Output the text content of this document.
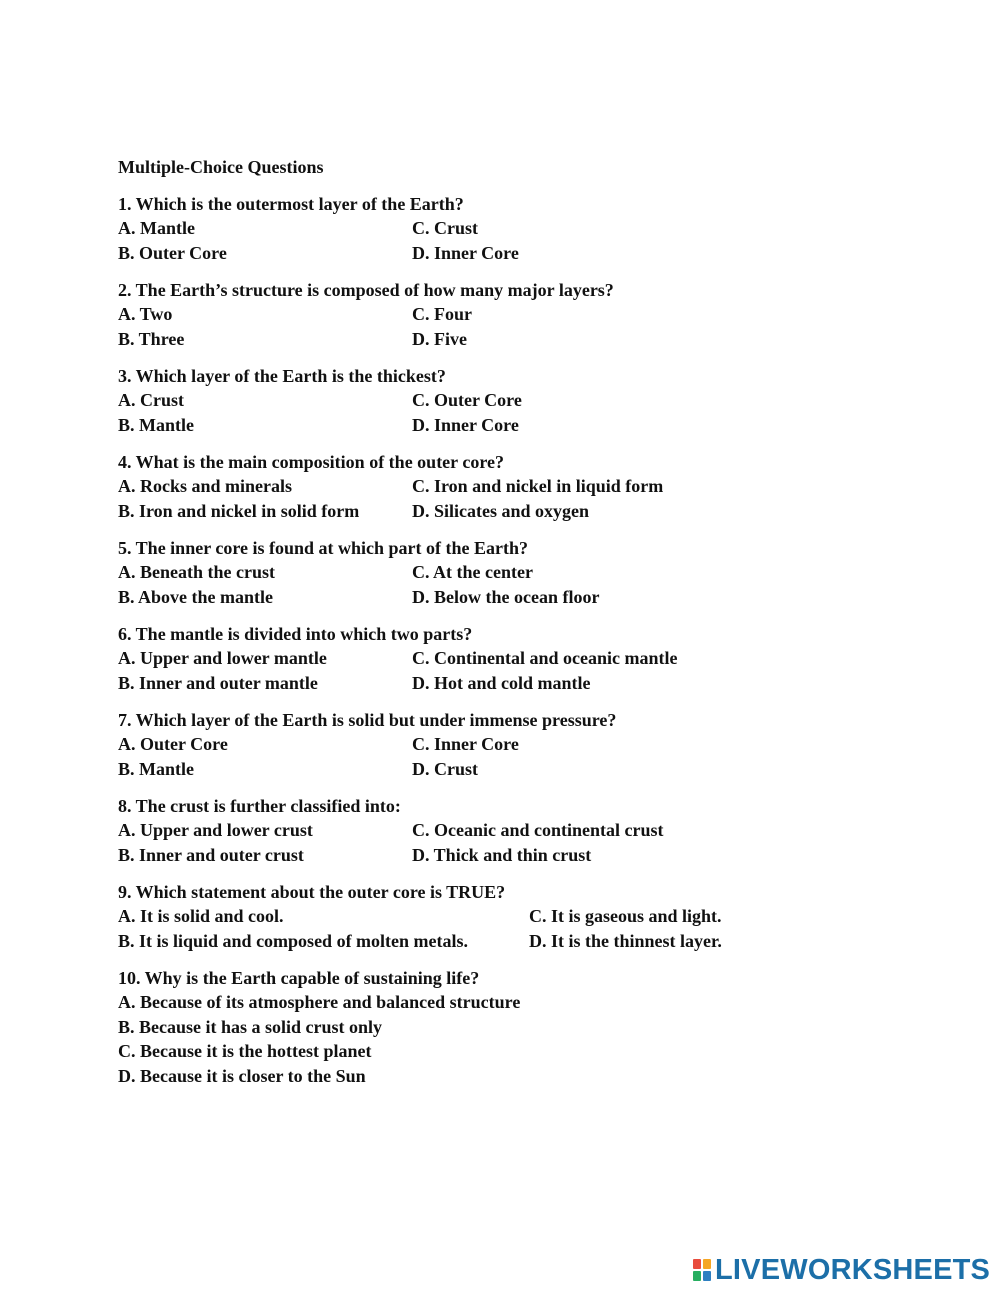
Multiple-Choice Questions
1. Which is the outermost layer of the Earth?
A. Mantle	C. Crust
B. Outer Core	D. Inner Core
2. The Earth’s structure is composed of how many major layers?
A. Two	C. Four
B. Three	D. Five
3. Which layer of the Earth is the thickest?
A. Crust	C. Outer Core
B. Mantle	D. Inner Core
4. What is the main composition of the outer core?
A. Rocks and minerals	C. Iron and nickel in liquid form
B. Iron and nickel in solid form	D. Silicates and oxygen
5. The inner core is found at which part of the Earth?
A. Beneath the crust	C. At the center
B. Above the mantle	D. Below the ocean floor
6. The mantle is divided into which two parts?
A. Upper and lower mantle	C. Continental and oceanic mantle
B. Inner and outer mantle	D. Hot and cold mantle
7. Which layer of the Earth is solid but under immense pressure?
A. Outer Core	C. Inner Core
B. Mantle	D. Crust
8. The crust is further classified into:
A. Upper and lower crust	C. Oceanic and continental crust
B. Inner and outer crust	D. Thick and thin crust
9. Which statement about the outer core is TRUE?
A. It is solid and cool.	C. It is gaseous and light.
B. It is liquid and composed of molten metals.	D. It is the thinnest layer.
10. Why is the Earth capable of sustaining life?
A. Because of its atmosphere and balanced structure
B. Because it has a solid crust only
C. Because it is the hottest planet
D. Because it is closer to the Sun
LIVEWORKSHEETS
